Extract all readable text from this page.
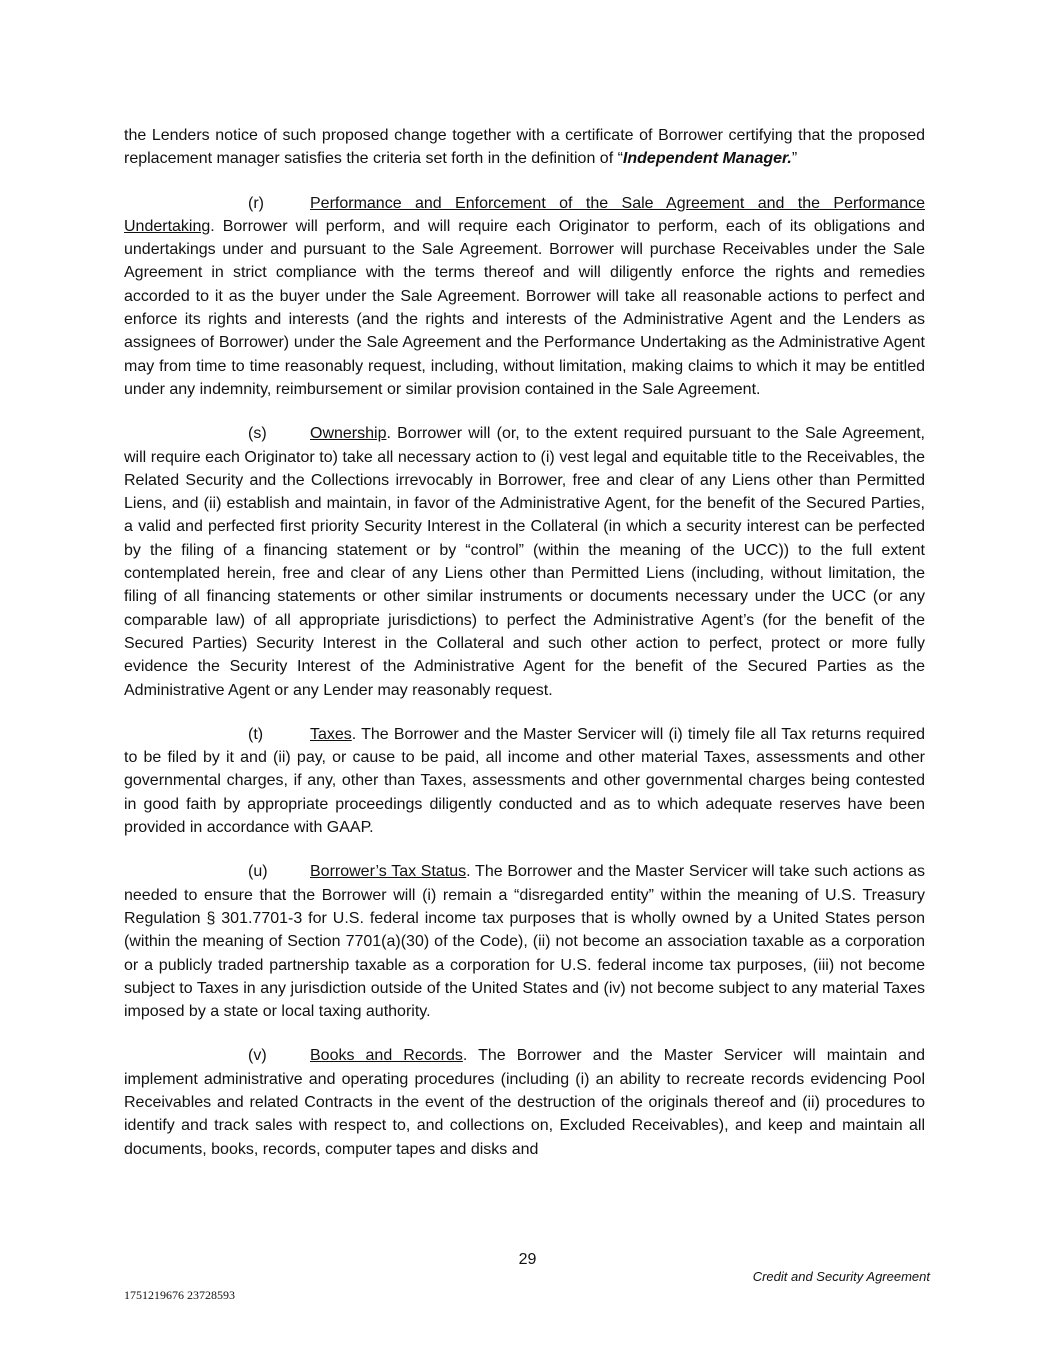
the Lenders notice of such proposed change together with a certificate of Borrower certifying that the proposed replacement manager satisfies the criteria set forth in the definition of “Independent Manager.”

(r)	Performance and Enforcement of the Sale Agreement and the Performance Undertaking. Borrower will perform, and will require each Originator to perform, each of its obligations and undertakings under and pursuant to the Sale Agreement. Borrower will purchase Receivables under the Sale Agreement in strict compliance with the terms thereof and will diligently enforce the rights and remedies accorded to it as the buyer under the Sale Agreement. Borrower will take all reasonable actions to perfect and enforce its rights and interests (and the rights and interests of the Administrative Agent and the Lenders as assignees of Borrower) under the Sale Agreement and the Performance Undertaking as the Administrative Agent may from time to time reasonably request, including, without limitation, making claims to which it may be entitled under any indemnity, reimbursement or similar provision contained in the Sale Agreement.

(s)	Ownership. Borrower will (or, to the extent required pursuant to the Sale Agreement, will require each Originator to) take all necessary action to (i) vest legal and equitable title to the Receivables, the Related Security and the Collections irrevocably in Borrower, free and clear of any Liens other than Permitted Liens, and (ii) establish and maintain, in favor of the Administrative Agent, for the benefit of the Secured Parties, a valid and perfected first priority Security Interest in the Collateral (in which a security interest can be perfected by the filing of a financing statement or by “control” (within the meaning of the UCC)) to the full extent contemplated herein, free and clear of any Liens other than Permitted Liens (including, without limitation, the filing of all financing statements or other similar instruments or documents necessary under the UCC (or any comparable law) of all appropriate jurisdictions) to perfect the Administrative Agent’s (for the benefit of the Secured Parties) Security Interest in the Collateral and such other action to perfect, protect or more fully evidence the Security Interest of the Administrative Agent for the benefit of the Secured Parties as the Administrative Agent or any Lender may reasonably request.

(t)	Taxes. The Borrower and the Master Servicer will (i) timely file all Tax returns required to be filed by it and (ii) pay, or cause to be paid, all income and other material Taxes, assessments and other governmental charges, if any, other than Taxes, assessments and other governmental charges being contested in good faith by appropriate proceedings diligently conducted and as to which adequate reserves have been provided in accordance with GAAP.

(u)	Borrower’s Tax Status. The Borrower and the Master Servicer will take such actions as needed to ensure that the Borrower will (i) remain a “disregarded entity” within the meaning of U.S. Treasury Regulation § 301.7701-3 for U.S. federal income tax purposes that is wholly owned by a United States person (within the meaning of Section 7701(a)(30) of the Code), (ii) not become an association taxable as a corporation or a publicly traded partnership taxable as a corporation for U.S. federal income tax purposes, (iii) not become subject to Taxes in any jurisdiction outside of the United States and (iv) not become subject to any material Taxes imposed by a state or local taxing authority.

(v)	Books and Records. The Borrower and the Master Servicer will maintain and implement administrative and operating procedures (including (i) an ability to recreate records evidencing Pool Receivables and related Contracts in the event of the destruction of the originals thereof and (ii) procedures to identify and track sales with respect to, and collections on, Excluded Receivables), and keep and maintain all documents, books, records, computer tapes and disks and

29
Credit and Security Agreement
1751219676 23728593
